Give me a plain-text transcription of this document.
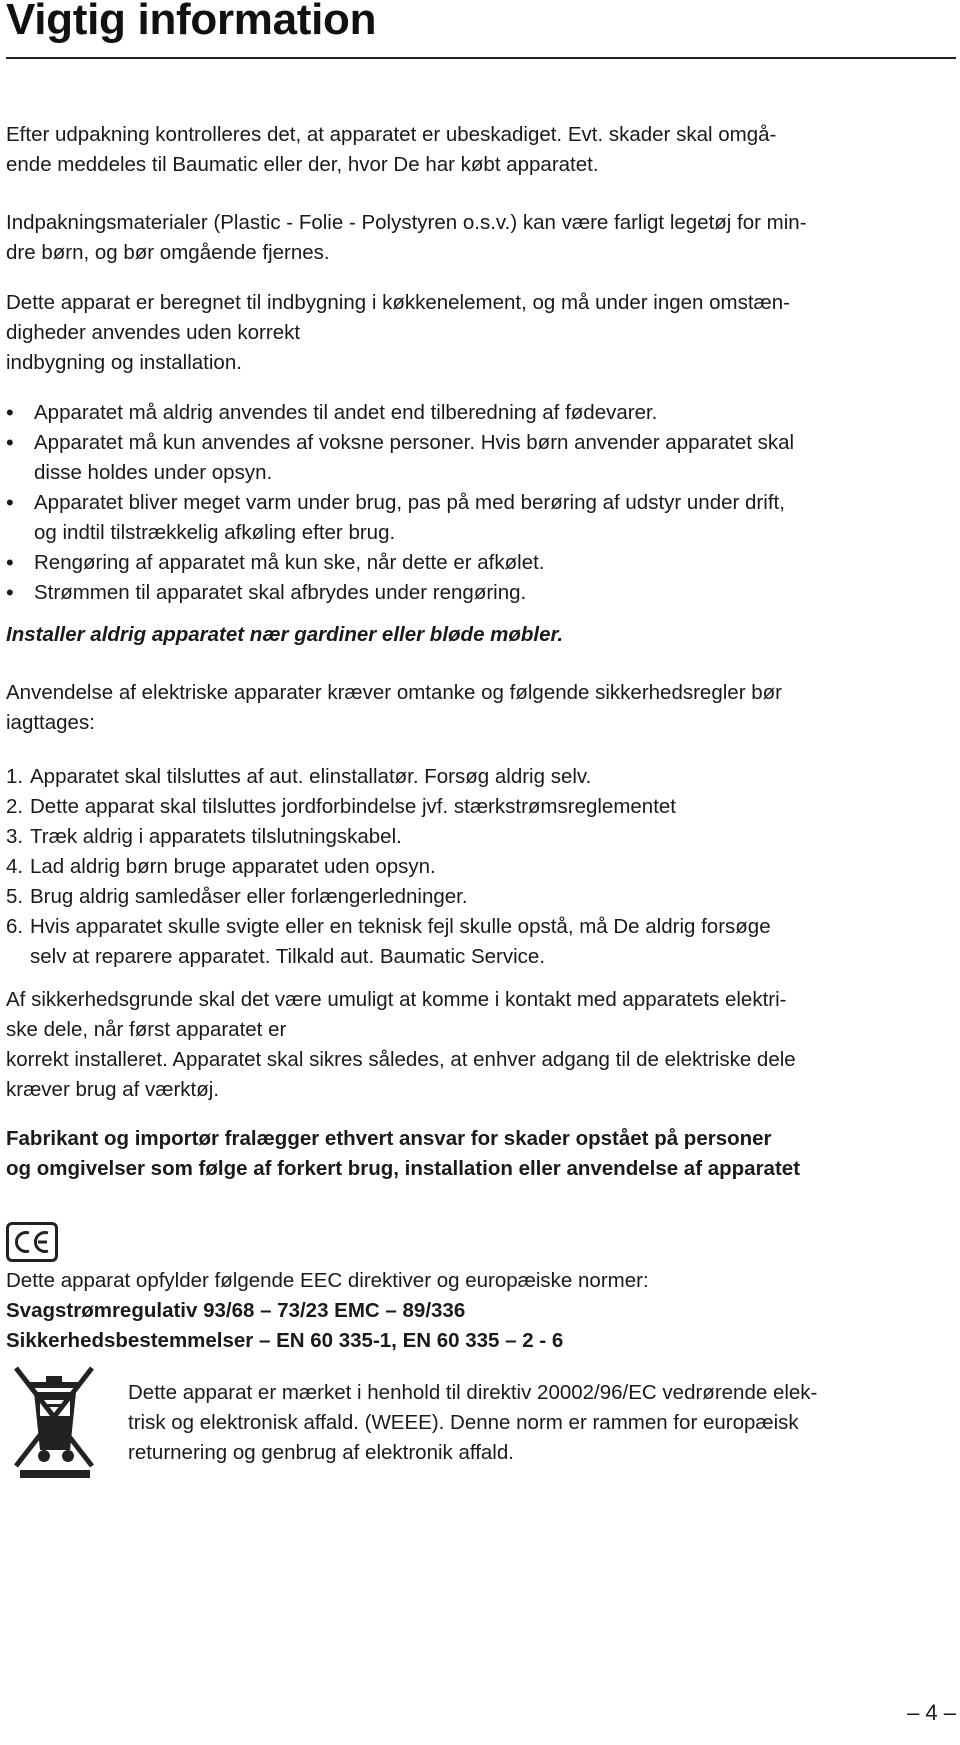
Vigtig information
Efter udpakning kontrolleres det, at apparatet er ubeskadiget. Evt. skader skal omgå-
ende meddeles til Baumatic eller der, hvor De har købt apparatet.
Indpakningsmaterialer (Plastic - Folie - Polystyren o.s.v.) kan være farligt legetøj for min-
dre børn, og bør omgående fjernes.
Dette apparat er beregnet til indbygning i køkkenelement, og må under ingen omstæn-
digheder anvendes uden korrekt
indbygning og installation.
• Apparatet må aldrig anvendes til andet end tilberedning af fødevarer.
• Apparatet må kun anvendes af voksne personer. Hvis børn anvender apparatet skal
disse holdes under opsyn.
• Apparatet bliver meget varm under brug, pas på med berøring af udstyr under drift,
og indtil tilstrækkelig afkøling efter brug.
• Rengøring af apparatet må kun ske, når dette er afkølet.
• Strømmen til apparatet skal afbrydes under rengøring.
Installer aldrig apparatet nær gardiner eller bløde møbler.
Anvendelse af elektriske apparater kræver omtanke og følgende sikkerhedsregler bør
iagttages:
1. Apparatet skal tilsluttes af aut. elinstallatør. Forsøg aldrig selv.
2. Dette apparat skal tilsluttes jordforbindelse jvf. stærkstrømsreglementet
3. Træk aldrig i apparatets tilslutningskabel.
4. Lad aldrig børn bruge apparatet uden opsyn.
5. Brug aldrig samledåser eller forlængerledninger.
6. Hvis apparatet skulle svigte eller en teknisk fejl skulle opstå, må De aldrig forsøge
selv at reparere apparatet. Tilkald aut. Baumatic Service.
Af sikkerhedsgrunde skal det være umuligt at komme i kontakt med apparatets elektri-
ske dele, når først apparatet er
korrekt installeret. Apparatet skal sikres således, at enhver adgang til de elektriske dele
kræver brug af værktøj.
Fabrikant og importør fralægger ethvert ansvar for skader opstået på personer
og omgivelser som følge af forkert brug, installation eller anvendelse af apparatet
Dette apparat opfylder følgende EEC direktiver og europæiske normer:
Svagstrømregulativ 93/68 – 73/23 EMC – 89/336
Sikkerhedsbestemmelser – EN 60 335-1, EN 60 335 – 2 - 6
Dette apparat er mærket i henhold til direktiv 20002/96/EC vedrørende elek-
trisk og elektronisk affald. (WEEE). Denne norm er rammen for europæisk
returnering og genbrug af elektronik affald.
– 4 –
